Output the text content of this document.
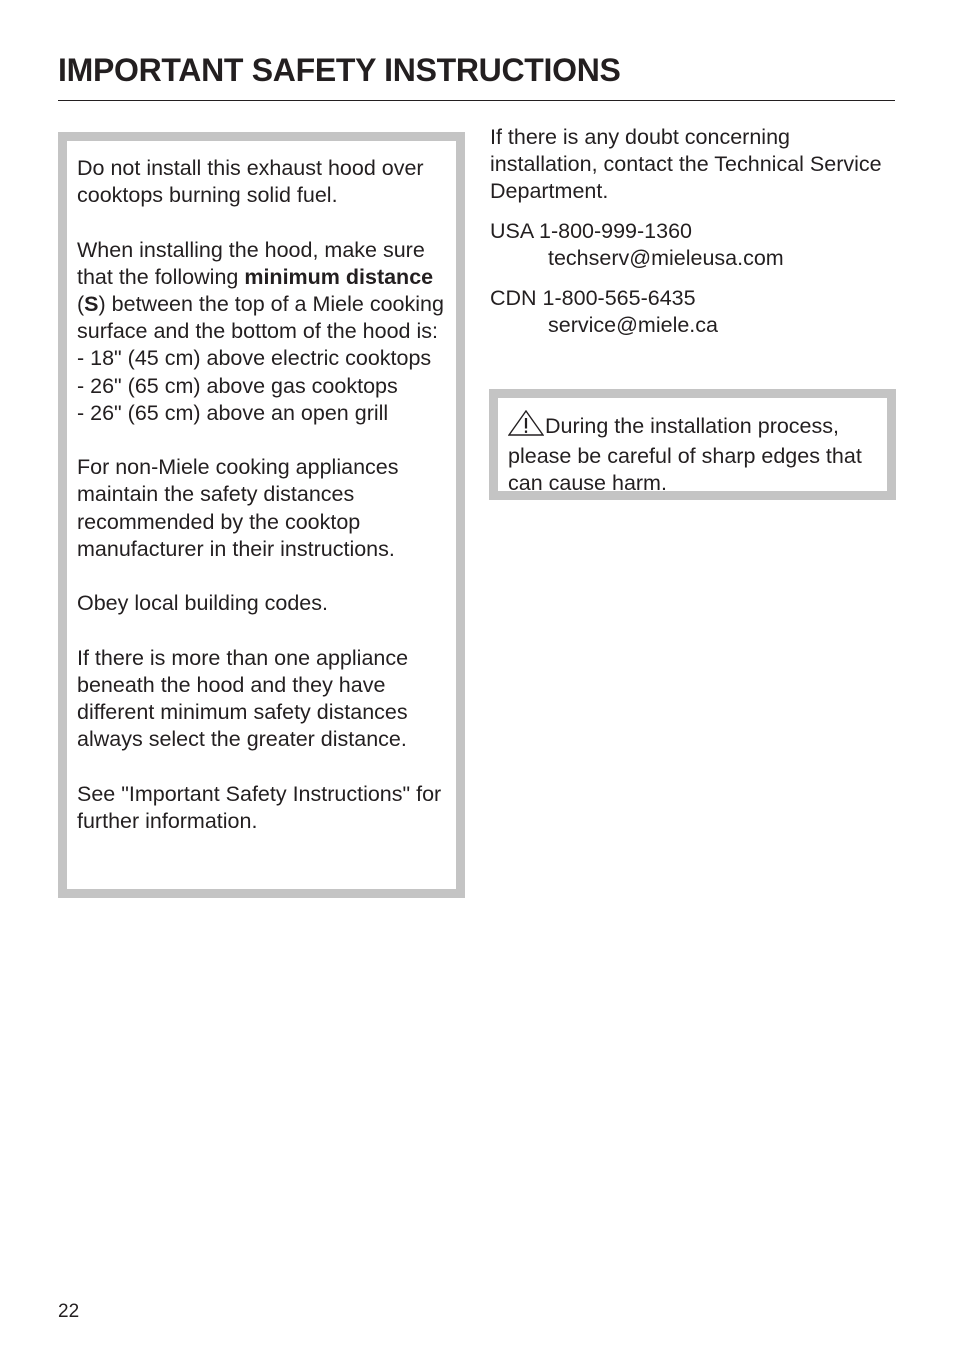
IMPORTANT SAFETY INSTRUCTIONS

Do not install this exhaust hood over cooktops burning solid fuel.

When installing the hood, make sure that the following minimum distance (S) between the top of a Miele cooking surface and the bottom of the hood is:

- 18" (45 cm) above electric cooktops
- 26" (65 cm) above gas cooktops
- 26" (65 cm) above an open grill

For non-Miele cooking appliances maintain the safety distances recommended by the cooktop manufacturer in their instructions.

Obey local building codes.

If there is more than one appliance beneath the hood and they have different minimum safety distances always select the greater distance.

See "Important Safety Instructions" for further information.

If there is any doubt concerning installation, contact the Technical Service Department.

USA 1-800-999-1360
techserv@mieleusa.com
CDN 1-800-565-6435
service@miele.ca
During the installation process, please be careful of sharp edges that can cause harm.
22
